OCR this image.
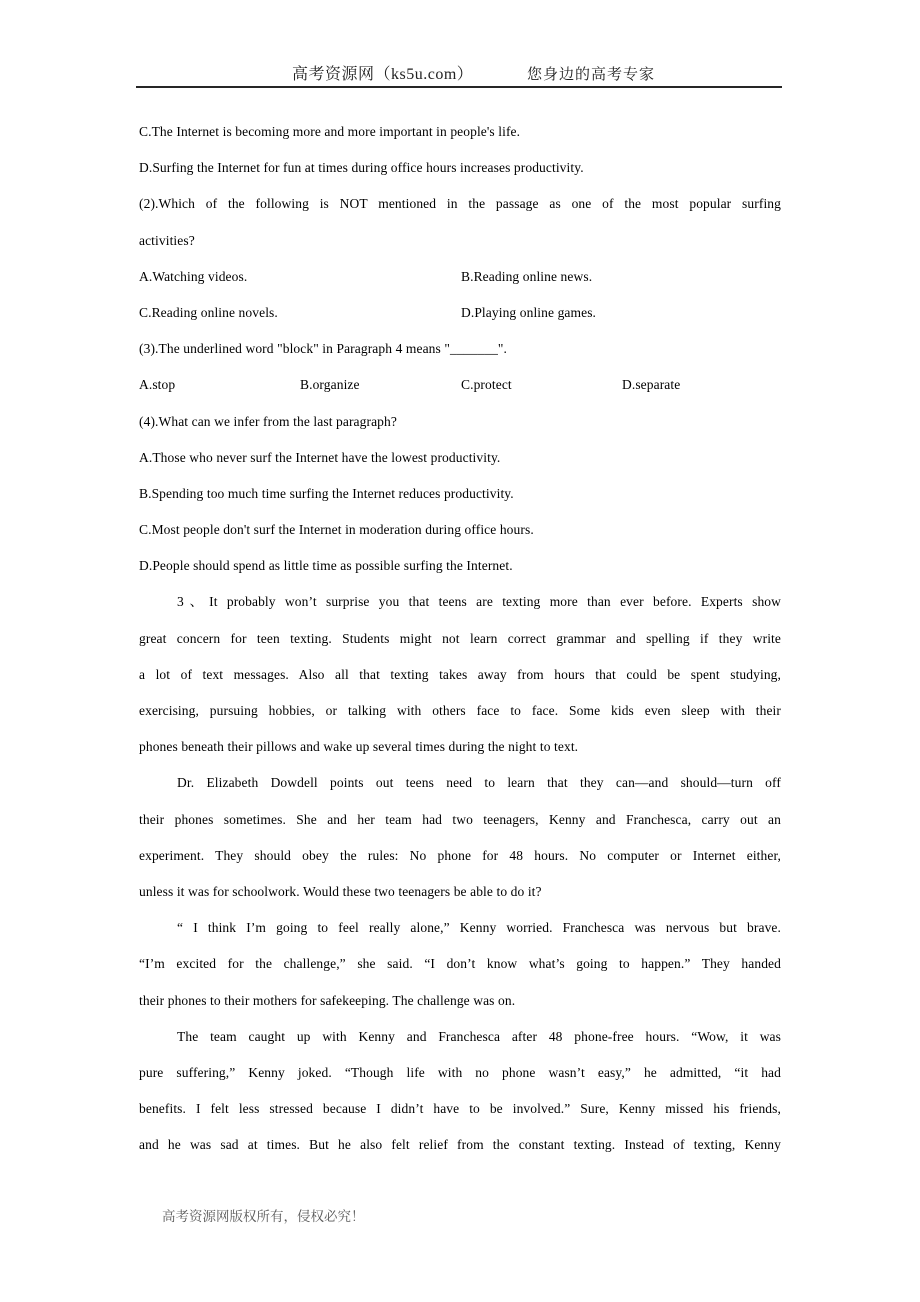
高考资源网（ks5u.com）	您身边的高考专家
C.The Internet is becoming more and more important in people's life.
D.Surfing the Internet for fun at times during office hours increases productivity.
(2).Which of the following is NOT mentioned in the passage as one of the most popular surfing
activities?
A.Watching videos.	B.Reading online news.
C.Reading online novels.	D.Playing online games.
(3).The underlined word "block" in Paragraph 4 means "_______".
A.stop	B.organize	C.protect	D.separate
(4).What can we infer from the last paragraph?
A.Those who never surf the Internet have the lowest productivity.
B.Spending too much time surfing the Internet reduces productivity.
C.Most people don't surf the Internet in moderation during office hours.
D.People should spend as little time as possible surfing the Internet.
3、It probably won’t surprise you that teens are texting more than ever before. Experts show
great concern for teen texting. Students might not learn correct grammar and spelling if they write
a lot of text messages. Also all that texting takes away from hours that could be spent studying,
exercising, pursuing hobbies, or talking with others face to face. Some kids even sleep with their
phones beneath their pillows and wake up several times during the night to text.
Dr. Elizabeth Dowdell points out teens need to learn that they can—and should—turn off
their phones sometimes. She and her team had two teenagers, Kenny and Franchesca, carry out an
experiment. They should obey the rules: No phone for 48 hours. No computer or Internet either,
unless it was for schoolwork. Would these two teenagers be able to do it?
“ I think I’m going to feel really alone,” Kenny worried. Franchesca was nervous but brave.
“I’m excited for the challenge,” she said. “I don’t know what’s going to happen.” They handed
their phones to their mothers for safekeeping. The challenge was on.
The team caught up with Kenny and Franchesca after 48 phone-free hours. “Wow, it was
pure suffering,” Kenny joked. “Though life with no phone wasn’t easy,” he admitted, “it had
benefits. I felt less stressed because I didn’t have to be involved.” Sure, Kenny missed his friends,
and he was sad at times. But he also felt relief from the constant texting. Instead of texting, Kenny
高考资源网版权所有，侵权必究！
